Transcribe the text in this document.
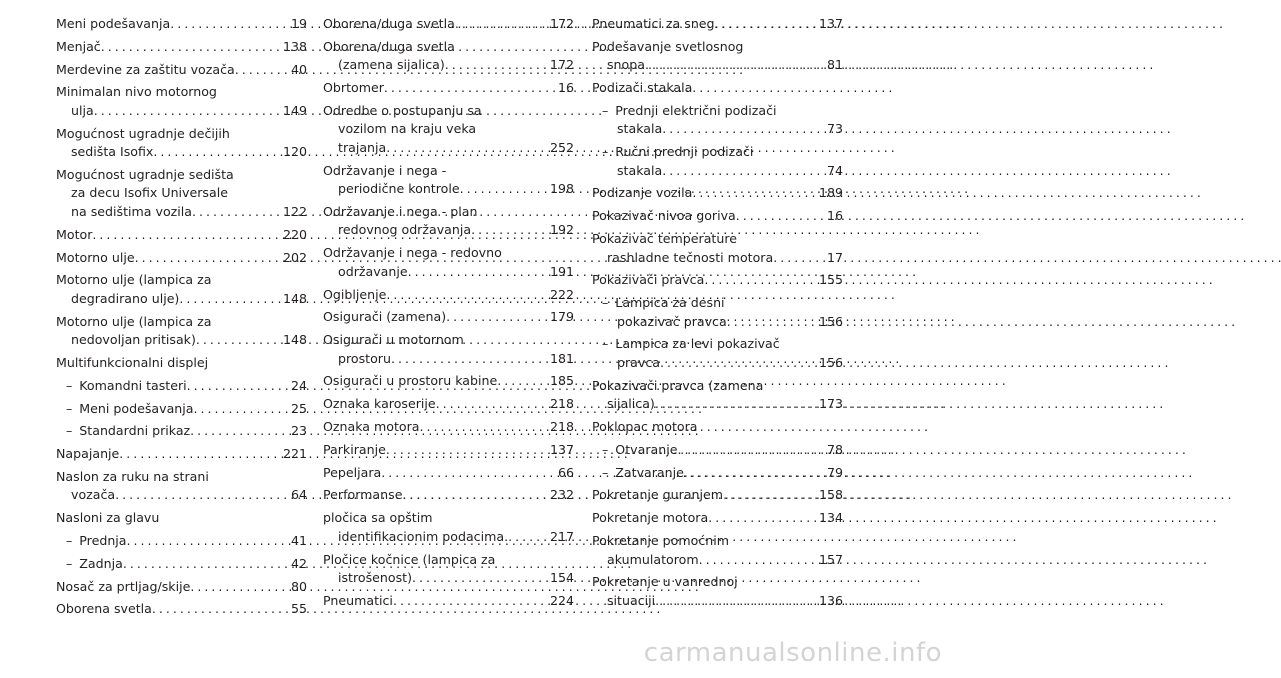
Meni podešavanja . . .	19
Menjač . . .	138
Merdevine za zaštitu vozača . . .	40
Minimalan nivo motornog
ulja . . .	149
Mogućnost ugradnje dečijih
sedišta Isofix . . .	120
Mogućnost ugradnje sedišta
za decu Isofix Universale
na sedištima vozila . . .	122
Motor . . .	220
Motorno ulje . . .	202
Motorno ulje (lampica za
degradirano ulje) . . .	148
Motorno ulje (lampica za
nedovoljan pritisak) . . .	148
Multifunkcionalni displej
– Komandni tasteri . . .	24
– Meni podešavanja . . .	25
– Standardni prikaz . . .	23
Napajanje . . .	221
Naslon za ruku na strani
vozača . . .	64
Nasloni za glavu
– Prednja . . .	41
– Zadnja . . .	42
Nosač za prtljag/skije . . .	80
Oborena svetla . . .	55
Oborena/duga svetla . . .	172
Oborena/duga svetla
(zamena sijalica) . . .	172
Obrtomer . . .	16
Odredbe o postupanju sa
vozilom na kraju veka
trajanja . . .	252
Održavanje i nega -
periodične kontrole . . .	198
Održavanje i nega - plan
redovnog održavanja . . .	192
Održavanje i nega - redovno
održavanje . . .	191
Ogibljenje . . .	222
Osigurači (zamena) . . .	179
Osigurači u motornom
prostoru . . .	181
Osigurači u prostoru kabine . . .	185
Oznaka karoserije . . .	218
Oznaka motora . . .	218
Parkiranje . . .	137
Pepeljara . . .	66
Performanse . . .	232
pločica sa opštim
identifikacionim podacima. . . .	217
Pločice kočnice (lampica za
istrošenost) . . .	154
Pneumatici . . .	224
Pneumatici za sneg . . .	137
Podešavanje svetlosnog
snopa . . .	81
Podizači stakala
– Prednji električni podizači
stakala . . .	73
– Ručni prednji podizači
stakala . . .	74
Podizanje vozila . . .	189
Pokazivač nivoa goriva . . .	16
Pokazivač temperature
rashladne tečnosti motora . . .	17
Pokazivači pravca . . .	155
– Lampica za desni
pokazivač pravca . . .	156
– Lampica za levi pokazivač
pravca . . .	156
Pokazivači pravca (zamena
sijalica) . . .	173
Poklopac motora
– Otvaranje . . .	78
– Zatvaranje . . .	79
Pokretanje guranjem . . .	158
Pokretanje motora . . .	134
Pokretanje pomoćnim
akumulatorom . . .	157
Pokretanje u vanrednoj
situaciji . . .	136
carmanualsonline.info
